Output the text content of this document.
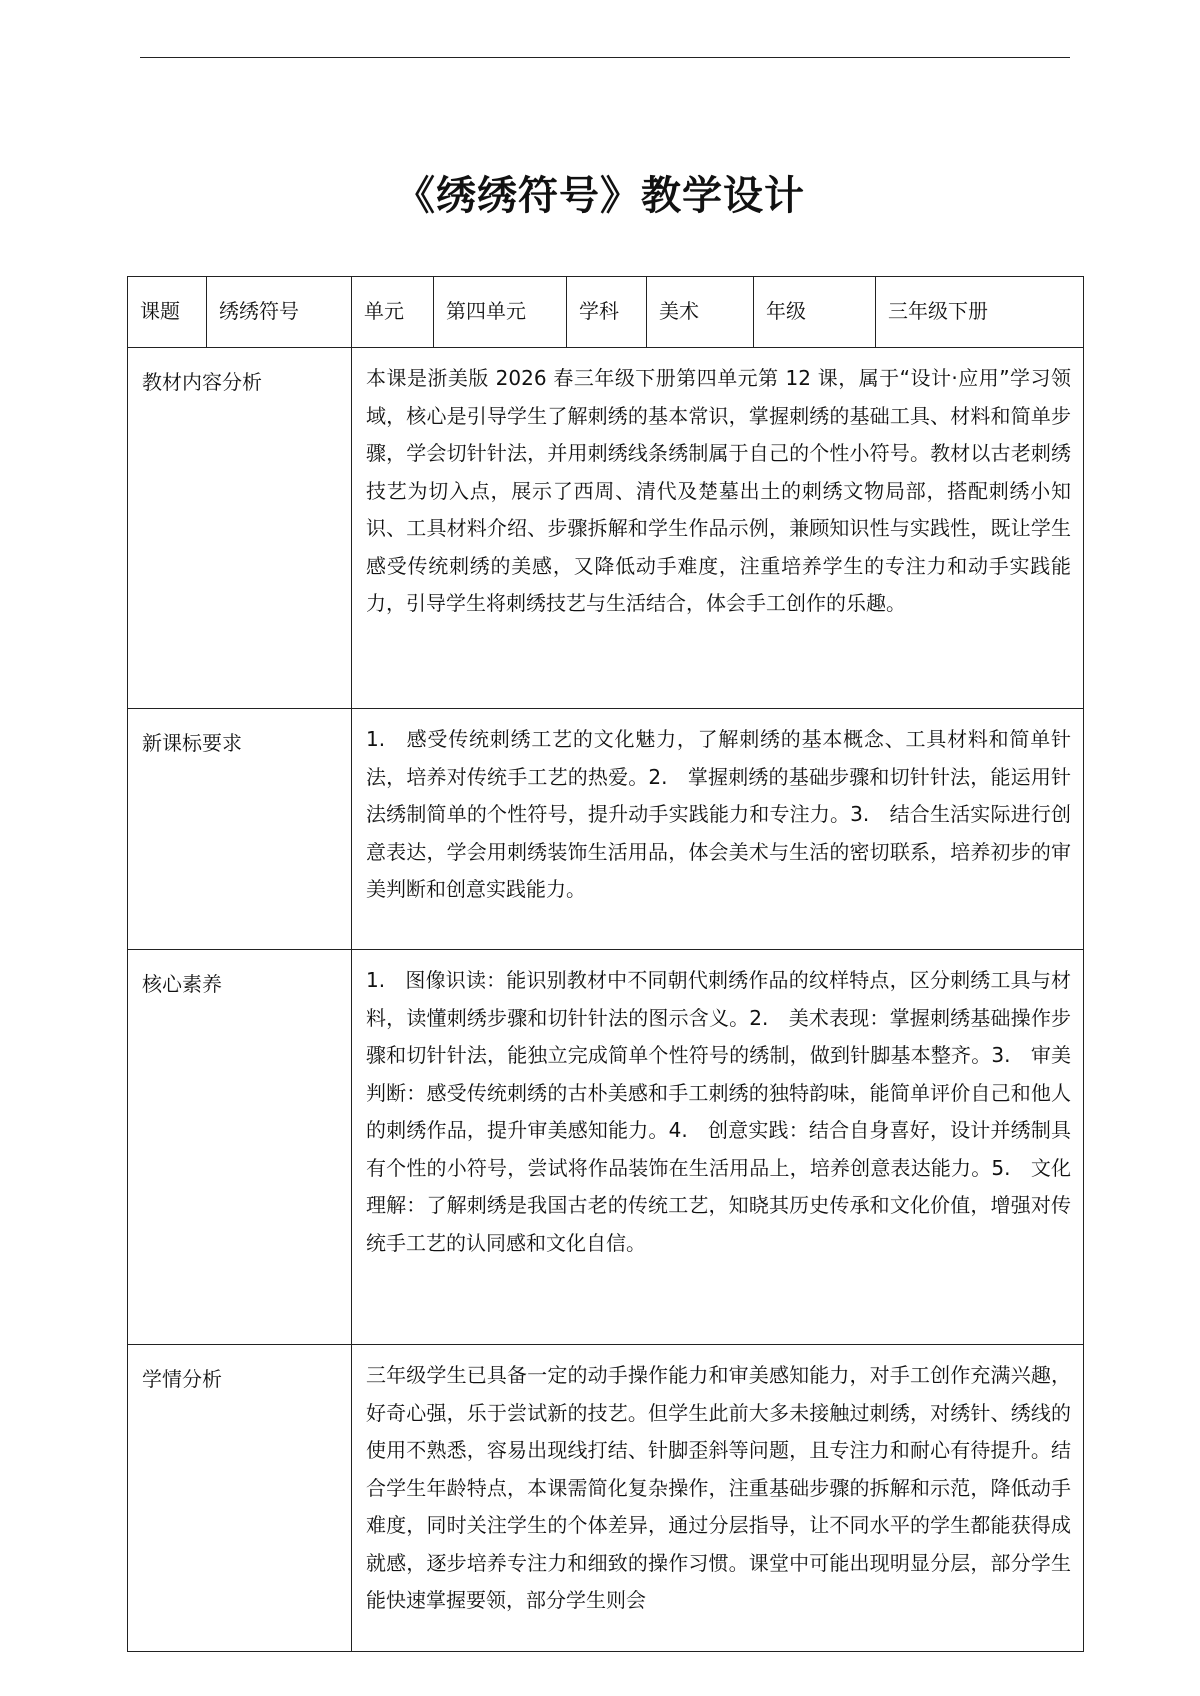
《绣绣符号》教学设计
课题	绣绣符号	单元	第四单元	学科	美术	年级	三年级下册
教材内容分析		本课是浙美版 2026 春三年级下册第四单元第 12 课，属于“设计·应用”学习领域，核心是引导学生了解刺绣的基本常识，掌握刺绣的基础工具、材料和简单步骤，学会切针针法，并用刺绣线条绣制属于自己的个性小符号。教材以古老刺绣技艺为切入点，展示了西周、清代及楚墓出土的刺绣文物局部，搭配刺绣小知识、工具材料介绍、步骤拆解和学生作品示例，兼顾知识性与实践性，既让学生感受传统刺绣的美感，又降低动手难度，注重培养学生的专注力和动手实践能力，引导学生将刺绣技艺与生活结合，体会手工创作的乐趣。					
新课标要求		1.　感受传统刺绣工艺的文化魅力，了解刺绣的基本概念、工具材料和简单针法，培养对传统手工艺的热爱。2.　掌握刺绣的基础步骤和切针针法，能运用针法绣制简单的个性符号，提升动手实践能力和专注力。3.　结合生活实际进行创意表达，学会用刺绣装饰生活用品，体会美术与生活的密切联系，培养初步的审美判断和创意实践能力。					
核心素养		1.　图像识读：能识别教材中不同朝代刺绣作品的纹样特点，区分刺绣工具与材料，读懂刺绣步骤和切针针法的图示含义。2.　美术表现：掌握刺绣基础操作步骤和切针针法，能独立完成简单个性符号的绣制，做到针脚基本整齐。3.　审美判断：感受传统刺绣的古朴美感和手工刺绣的独特韵味，能简单评价自己和他人的刺绣作品，提升审美感知能力。4.　创意实践：结合自身喜好，设计并绣制具有个性的小符号，尝试将作品装饰在生活用品上，培养创意表达能力。5.　文化理解：了解刺绣是我国古老的传统工艺，知晓其历史传承和文化价值，增强对传统手工艺的认同感和文化自信。					
学情分析		三年级学生已具备一定的动手操作能力和审美感知能力，对手工创作充满兴趣，好奇心强，乐于尝试新的技艺。但学生此前大多未接触过刺绣，对绣针、绣线的使用不熟悉，容易出现线打结、针脚歪斜等问题，且专注力和耐心有待提升。结合学生年龄特点，本课需简化复杂操作，注重基础步骤的拆解和示范，降低动手难度，同时关注学生的个体差异，通过分层指导，让不同水平的学生都能获得成就感，逐步培养专注力和细致的操作习惯。课堂中可能出现明显分层，部分学生能快速掌握要领，部分学生则会					
